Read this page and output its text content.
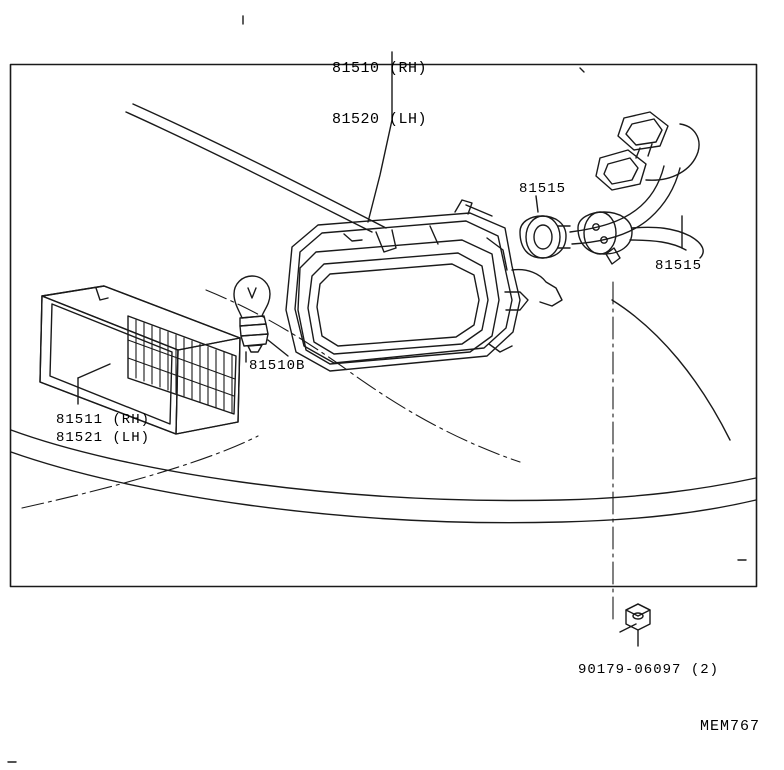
81510 (RH)

81520 (LH)

81515
81515
81510B
81511 (RH)
81521 (LH)
90179-06097 (2)
MEM767
